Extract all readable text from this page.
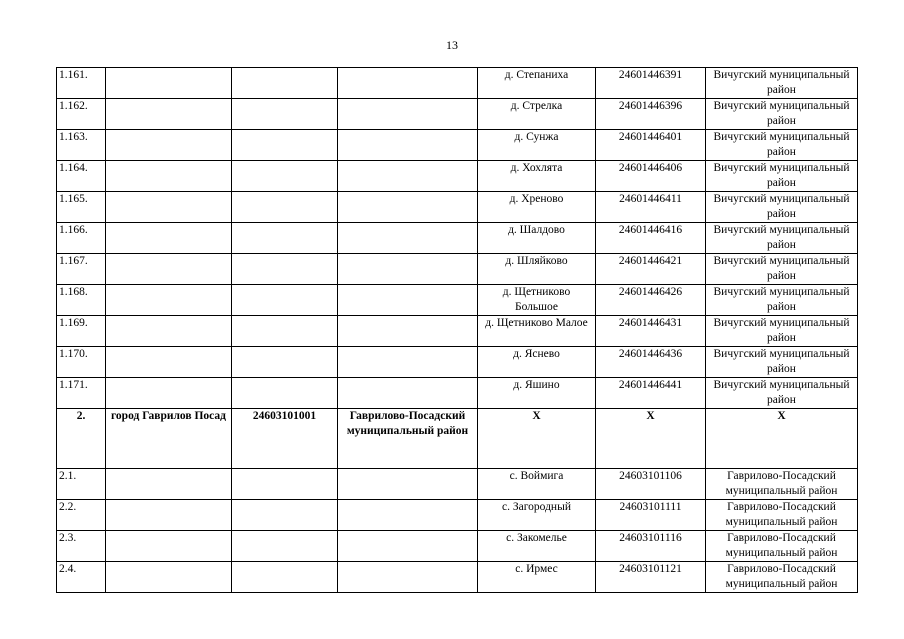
13
1.161.				д. Степаниха	24601446391	Вичугский муниципальный район
1.162.				д. Стрелка	24601446396	Вичугский муниципальный район
1.163.				д. Сунжа	24601446401	Вичугский муниципальный район
1.164.				д. Хохлята	24601446406	Вичугский муниципальный район
1.165.				д. Хреново	24601446411	Вичугский муниципальный район
1.166.				д. Шалдово	24601446416	Вичугский муниципальный район
1.167.				д. Шляйково	24601446421	Вичугский муниципальный район
1.168.				д. Щетниково Большое	24601446426	Вичугский муниципальный район
1.169.				д. Щетниково Малое	24601446431	Вичугский муниципальный район
1.170.				д. Яснево	24601446436	Вичугский муниципальный район
1.171.				д. Яшино	24601446441	Вичугский муниципальный район
2.	город Гаврилов Посад	24603101001	Гаврилово-Посадский муниципальный район	Х	Х	Х
2.1.				с. Воймига	24603101106	Гаврилово-Посадский муниципальный район
2.2.				с. Загородный	24603101111	Гаврилово-Посадский муниципальный район
2.3.				с. Закомелье	24603101116	Гаврилово-Посадский муниципальный район
2.4.				с. Ирмес	24603101121	Гаврилово-Посадский муниципальный район
